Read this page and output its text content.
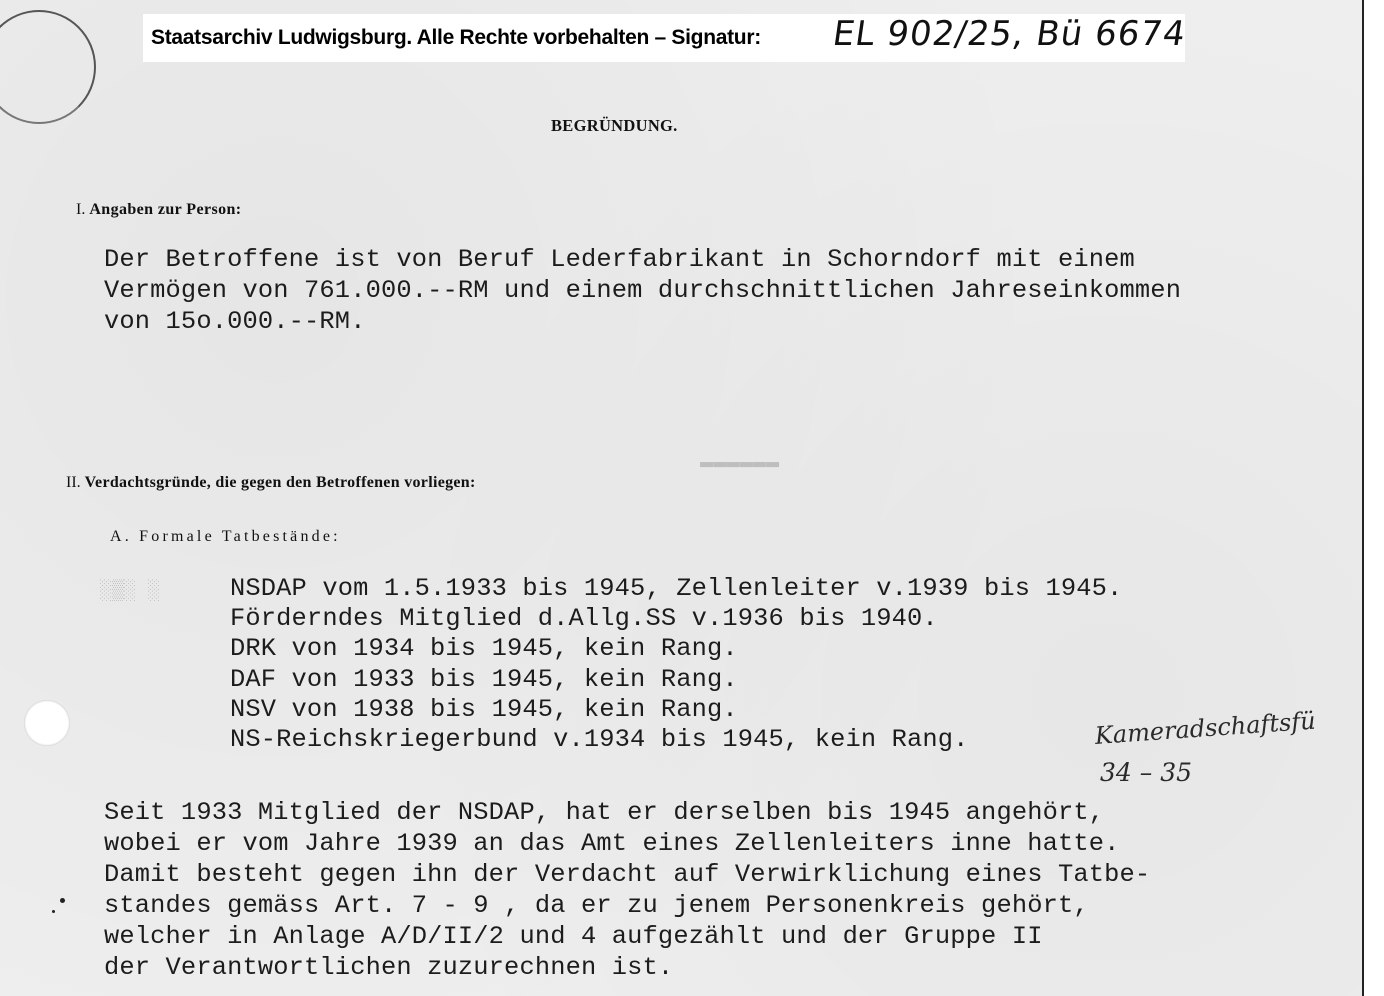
Staatsarchiv Ludwigsburg. Alle Rechte vorbehalten – Signatur: EL 902/25, Bü 6674
BEGRÜNDUNG.
I. Angaben zur Person:
Der Betroffene ist von Beruf Lederfabrikant in Schorndorf mit einem
Vermögen von 761.000.--RM und einem durchschnittlichen Jahreseinkommen
von 15o.000.--RM.
▬▬▬▬▬▬
II. Verdachtsgründe, die gegen den Betroffenen vorliegen:
A. Formale Tatbestände:
░▒░ ░	NSDAP vom 1.5.1933 bis 1945, Zellenleiter v.1939 bis 1945.
Förderndes Mitglied d.Allg.SS v.1936 bis 1940.
DRK von 1934 bis 1945, kein Rang.
DAF von 1933 bis 1945, kein Rang.
NSV von 1938 bis 1945, kein Rang.
NS-Reichskriegerbund v.1934 bis 1945, kein Rang.	Kameradschaftsfü
34 – 35
Seit 1933 Mitglied der NSDAP, hat er derselben bis 1945 angehört,
wobei er vom Jahre 1939 an das Amt eines Zellenleiters inne hatte.
Damit besteht gegen ihn der Verdacht auf Verwirklichung eines Tatbe-
standes gemäss Art. 7 - 9 , da er zu jenem Personenkreis gehört,
welcher in Anlage A/D/II/2 und 4 aufgezählt und der Gruppe II
der Verantwortlichen zuzurechnen ist.
